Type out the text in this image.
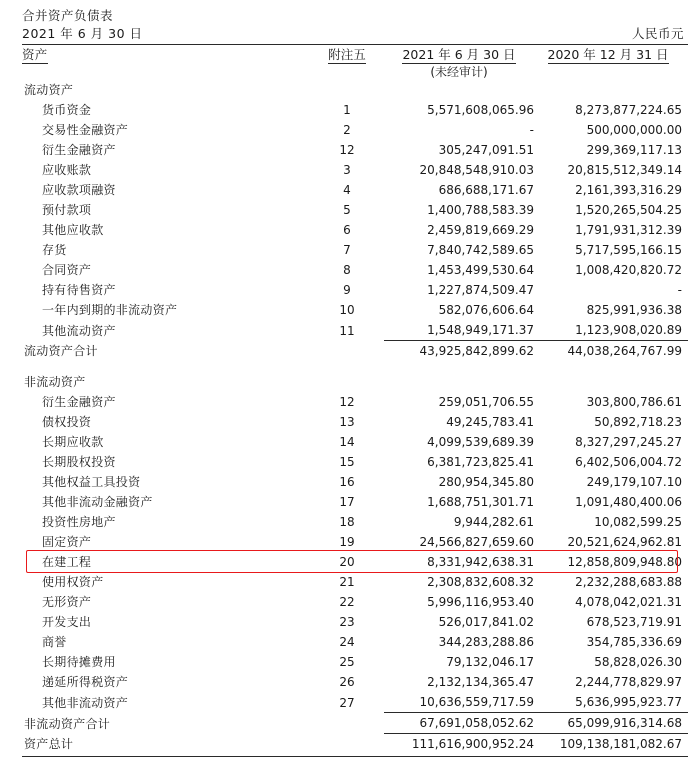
合并资产负债表
2021 年 6 月 30 日	人民币元
资产	附注五	2021 年 6 月 30 日	2020 年 12 月 31 日
		(未经审计)	
流动资产			
货币资金	1	5,571,608,065.96	8,273,877,224.65
交易性金融资产	2	-	500,000,000.00
衍生金融资产	12	305,247,091.51	299,369,117.13
应收账款	3	20,848,548,910.03	20,815,512,349.14
应收款项融资	4	686,688,171.67	2,161,393,316.29
预付款项	5	1,400,788,583.39	1,520,265,504.25
其他应收款	6	2,459,819,669.29	1,791,931,312.39
存货	7	7,840,742,589.65	5,717,595,166.15
合同资产	8	1,453,499,530.64	1,008,420,820.72
持有待售资产	9	1,227,874,509.47	-
一年内到期的非流动资产	10	582,076,606.64	825,991,936.38
其他流动资产	11	1,548,949,171.37	1,123,908,020.89
流动资产合计		43,925,842,899.62	44,038,264,767.99

非流动资产			
衍生金融资产	12	259,051,706.55	303,800,786.61
债权投资	13	49,245,783.41	50,892,718.23
长期应收款	14	4,099,539,689.39	8,327,297,245.27
长期股权投资	15	6,381,723,825.41	6,402,506,004.72
其他权益工具投资	16	280,954,345.80	249,179,107.10
其他非流动金融资产	17	1,688,751,301.71	1,091,480,400.06
投资性房地产	18	9,944,282.61	10,082,599.25
固定资产	19	24,566,827,659.60	20,521,624,962.81
在建工程	20	8,331,942,638.31	12,858,809,948.80
使用权资产	21	2,308,832,608.32	2,232,288,683.88
无形资产	22	5,996,116,953.40	4,078,042,021.31
开发支出	23	526,017,841.02	678,523,719.91
商誉	24	344,283,288.86	354,785,336.69
长期待摊费用	25	79,132,046.17	58,828,026.30
递延所得税资产	26	2,132,134,365.47	2,244,778,829.97
其他非流动资产	27	10,636,559,717.59	5,636,995,923.77
非流动资产合计		67,691,058,052.62	65,099,916,314.68
资产总计		111,616,900,952.24	109,138,181,082.67
